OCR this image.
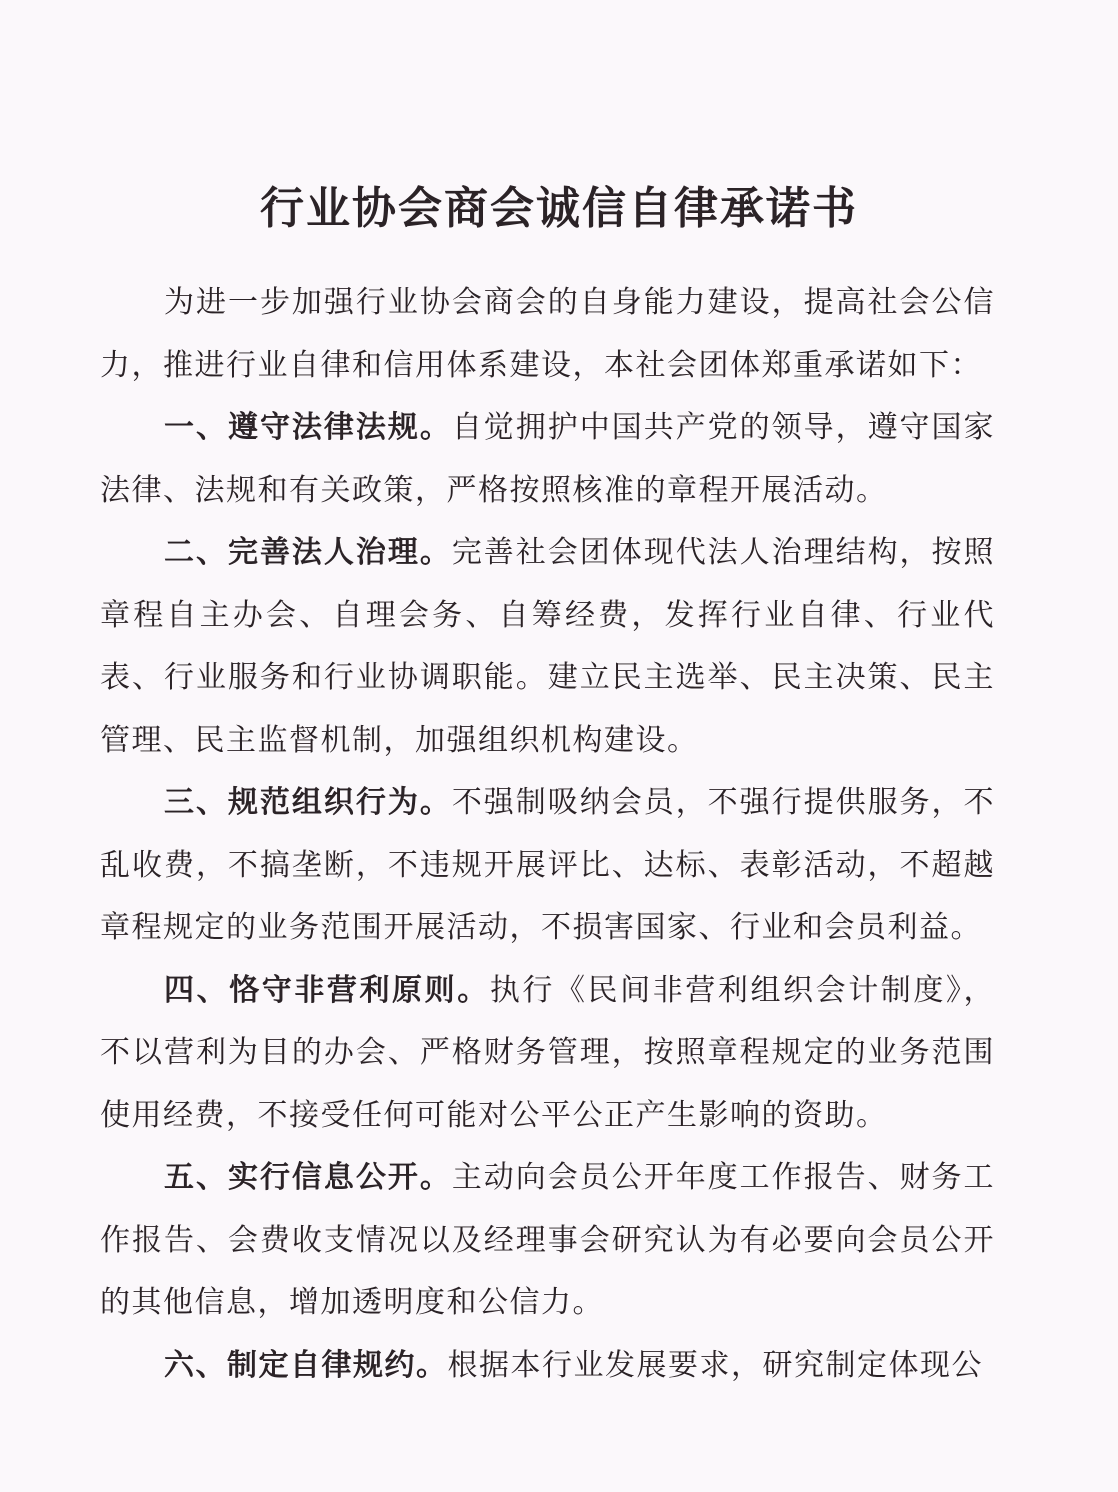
行业协会商会诚信自律承诺书

为进一步加强行业协会商会的自身能力建设，提高社会公信力，推进行业自律和信用体系建设，本社会团体郑重承诺如下：

一、遵守法律法规。自觉拥护中国共产党的领导，遵守国家法律、法规和有关政策，严格按照核准的章程开展活动。

二、完善法人治理。完善社会团体现代法人治理结构，按照章程自主办会、自理会务、自筹经费，发挥行业自律、行业代表、行业服务和行业协调职能。建立民主选举、民主决策、民主管理、民主监督机制，加强组织机构建设。

三、规范组织行为。不强制吸纳会员，不强行提供服务，不乱收费，不搞垄断，不违规开展评比、达标、表彰活动，不超越章程规定的业务范围开展活动，不损害国家、行业和会员利益。

四、恪守非营利原则。执行《民间非营利组织会计制度》，不以营利为目的办会、严格财务管理，按照章程规定的业务范围使用经费，不接受任何可能对公平公正产生影响的资助。

五、实行信息公开。主动向会员公开年度工作报告、财务工作报告、会费收支情况以及经理事会研究认为有必要向会员公开的其他信息，增加透明度和公信力。

六、制定自律规约。根据本行业发展要求，研究制定体现公
